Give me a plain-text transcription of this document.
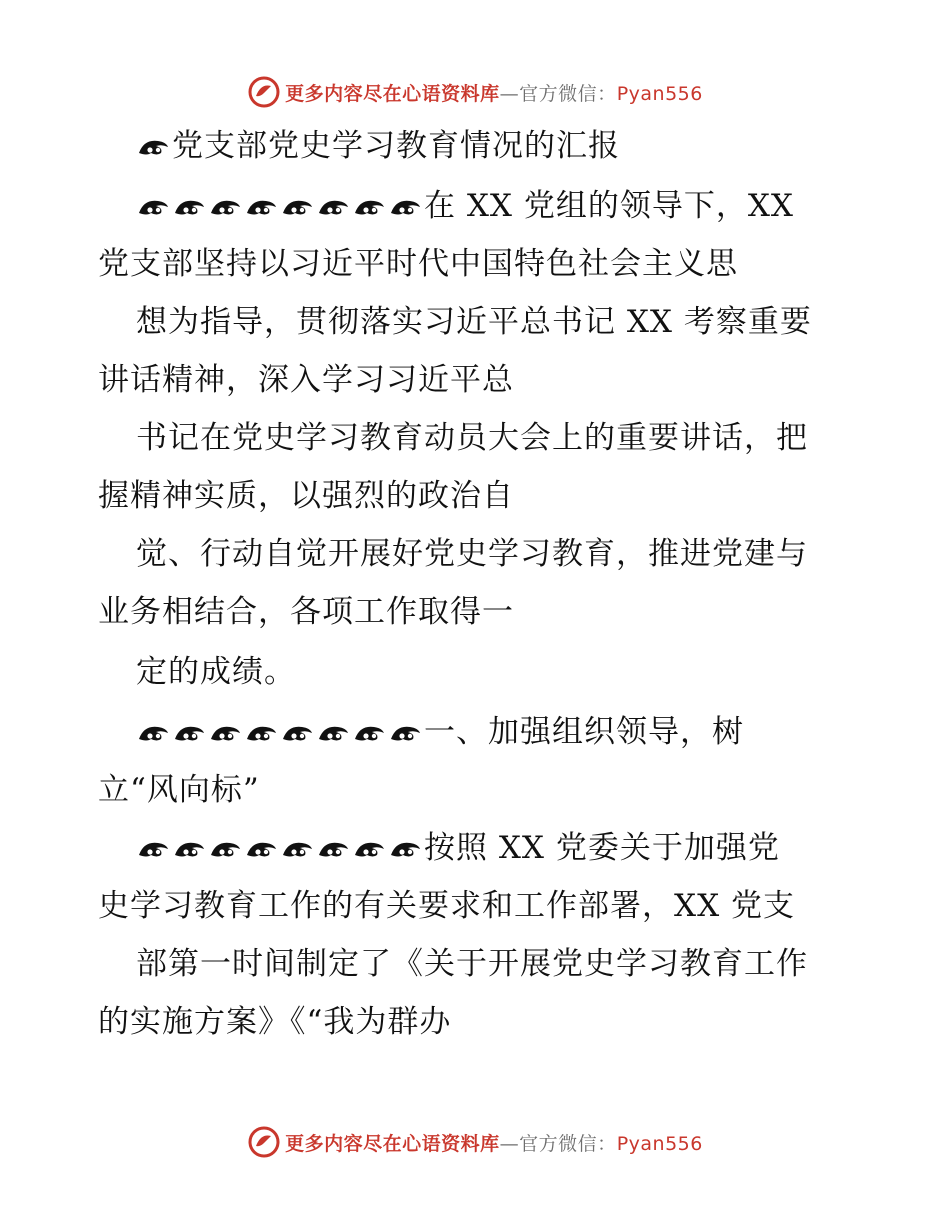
更多内容尽在心语资料库—官方微信：Pyan556
党支部党史学习教育情况的汇报
在 XX 党组的领导下，XX
党支部坚持以习近平时代中国特色社会主义思
想为指导，贯彻落实习近平总书记 XX 考察重要
讲话精神，深入学习习近平总
书记在党史学习教育动员大会上的重要讲话，把
握精神实质，以强烈的政治自
觉、行动自觉开展好党史学习教育，推进党建与
业务相结合，各项工作取得一
定的成绩。
一、加强组织领导，树
立“风向标”
按照 XX 党委关于加强党
史学习教育工作的有关要求和工作部署，XX 党支
部第一时间制定了《关于开展党史学习教育工作
的实施方案》《“我为群办
更多内容尽在心语资料库—官方微信：Pyan556
